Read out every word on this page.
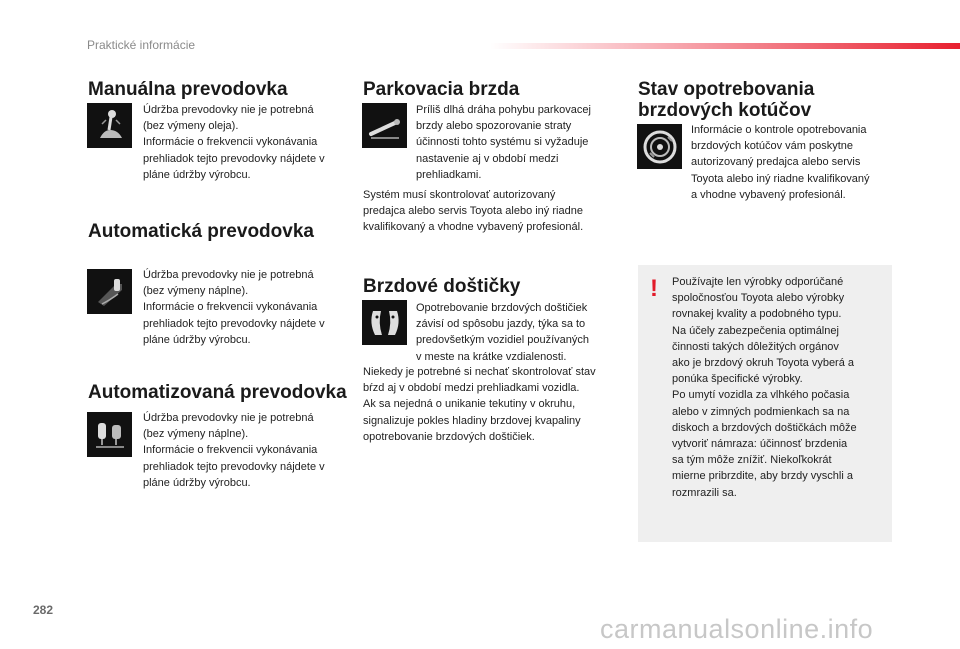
Praktické informácie
Manuálna prevodovka
Údržba prevodovky nie je potrebná
(bez výmeny oleja).
Informácie o frekvencii vykonávania
prehliadok tejto prevodovky nájdete v
pláne údržby výrobcu.
Automatická prevodovka
Údržba prevodovky nie je potrebná
(bez výmeny náplne).
Informácie o frekvencii vykonávania
prehliadok tejto prevodovky nájdete v
pláne údržby výrobcu.
Automatizovaná prevodovka
Údržba prevodovky nie je potrebná
(bez výmeny náplne).
Informácie o frekvencii vykonávania
prehliadok tejto prevodovky nájdete v
pláne údržby výrobcu.
Parkovacia brzda
Príliš dlhá dráha pohybu parkovacej
brzdy alebo spozorovanie straty
účinnosti tohto systému si vyžaduje
nastavenie aj v období medzi
prehliadkami.
Systém musí skontrolovať autorizovaný
predajca alebo servis Toyota alebo iný riadne
kvalifikovaný a vhodne vybavený profesionál.
Brzdové doštičky
Opotrebovanie brzdových doštičiek
závisí od spôsobu jazdy, týka sa to
predovšetkým vozidiel používaných
v meste na krátke vzdialenosti.
Niekedy je potrebné si nechať skontrolovať stav
bŕzd aj v období medzi prehliadkami vozidla.
Ak sa nejedná o unikanie tekutiny v okruhu,
signalizuje pokles hladiny brzdovej kvapaliny
opotrebovanie brzdových doštičiek.
Stav opotrebovania
brzdových kotúčov
Informácie o kontrole opotrebovania
brzdových kotúčov vám poskytne
autorizovaný predajca alebo servis
Toyota alebo iný riadne kvalifikovaný
a vhodne vybavený profesionál.
! Používajte len výrobky odporúčané
spoločnosťou Toyota alebo výrobky
rovnakej kvality a podobného typu.
Na účely zabezpečenia optimálnej
činnosti takých dôležitých orgánov
ako je brzdový okruh Toyota vyberá a
ponúka špecifické výrobky.
Po umytí vozidla za vlhkého počasia
alebo v zimných podmienkach sa na
diskoch a brzdových doštičkách môže
vytvoriť námraza: účinnosť brzdenia
sa tým môže znížiť. Niekoľkokrát
mierne pribrzdite, aby brzdy vyschli a
rozmrazili sa.
282
carmanualsonline.info
